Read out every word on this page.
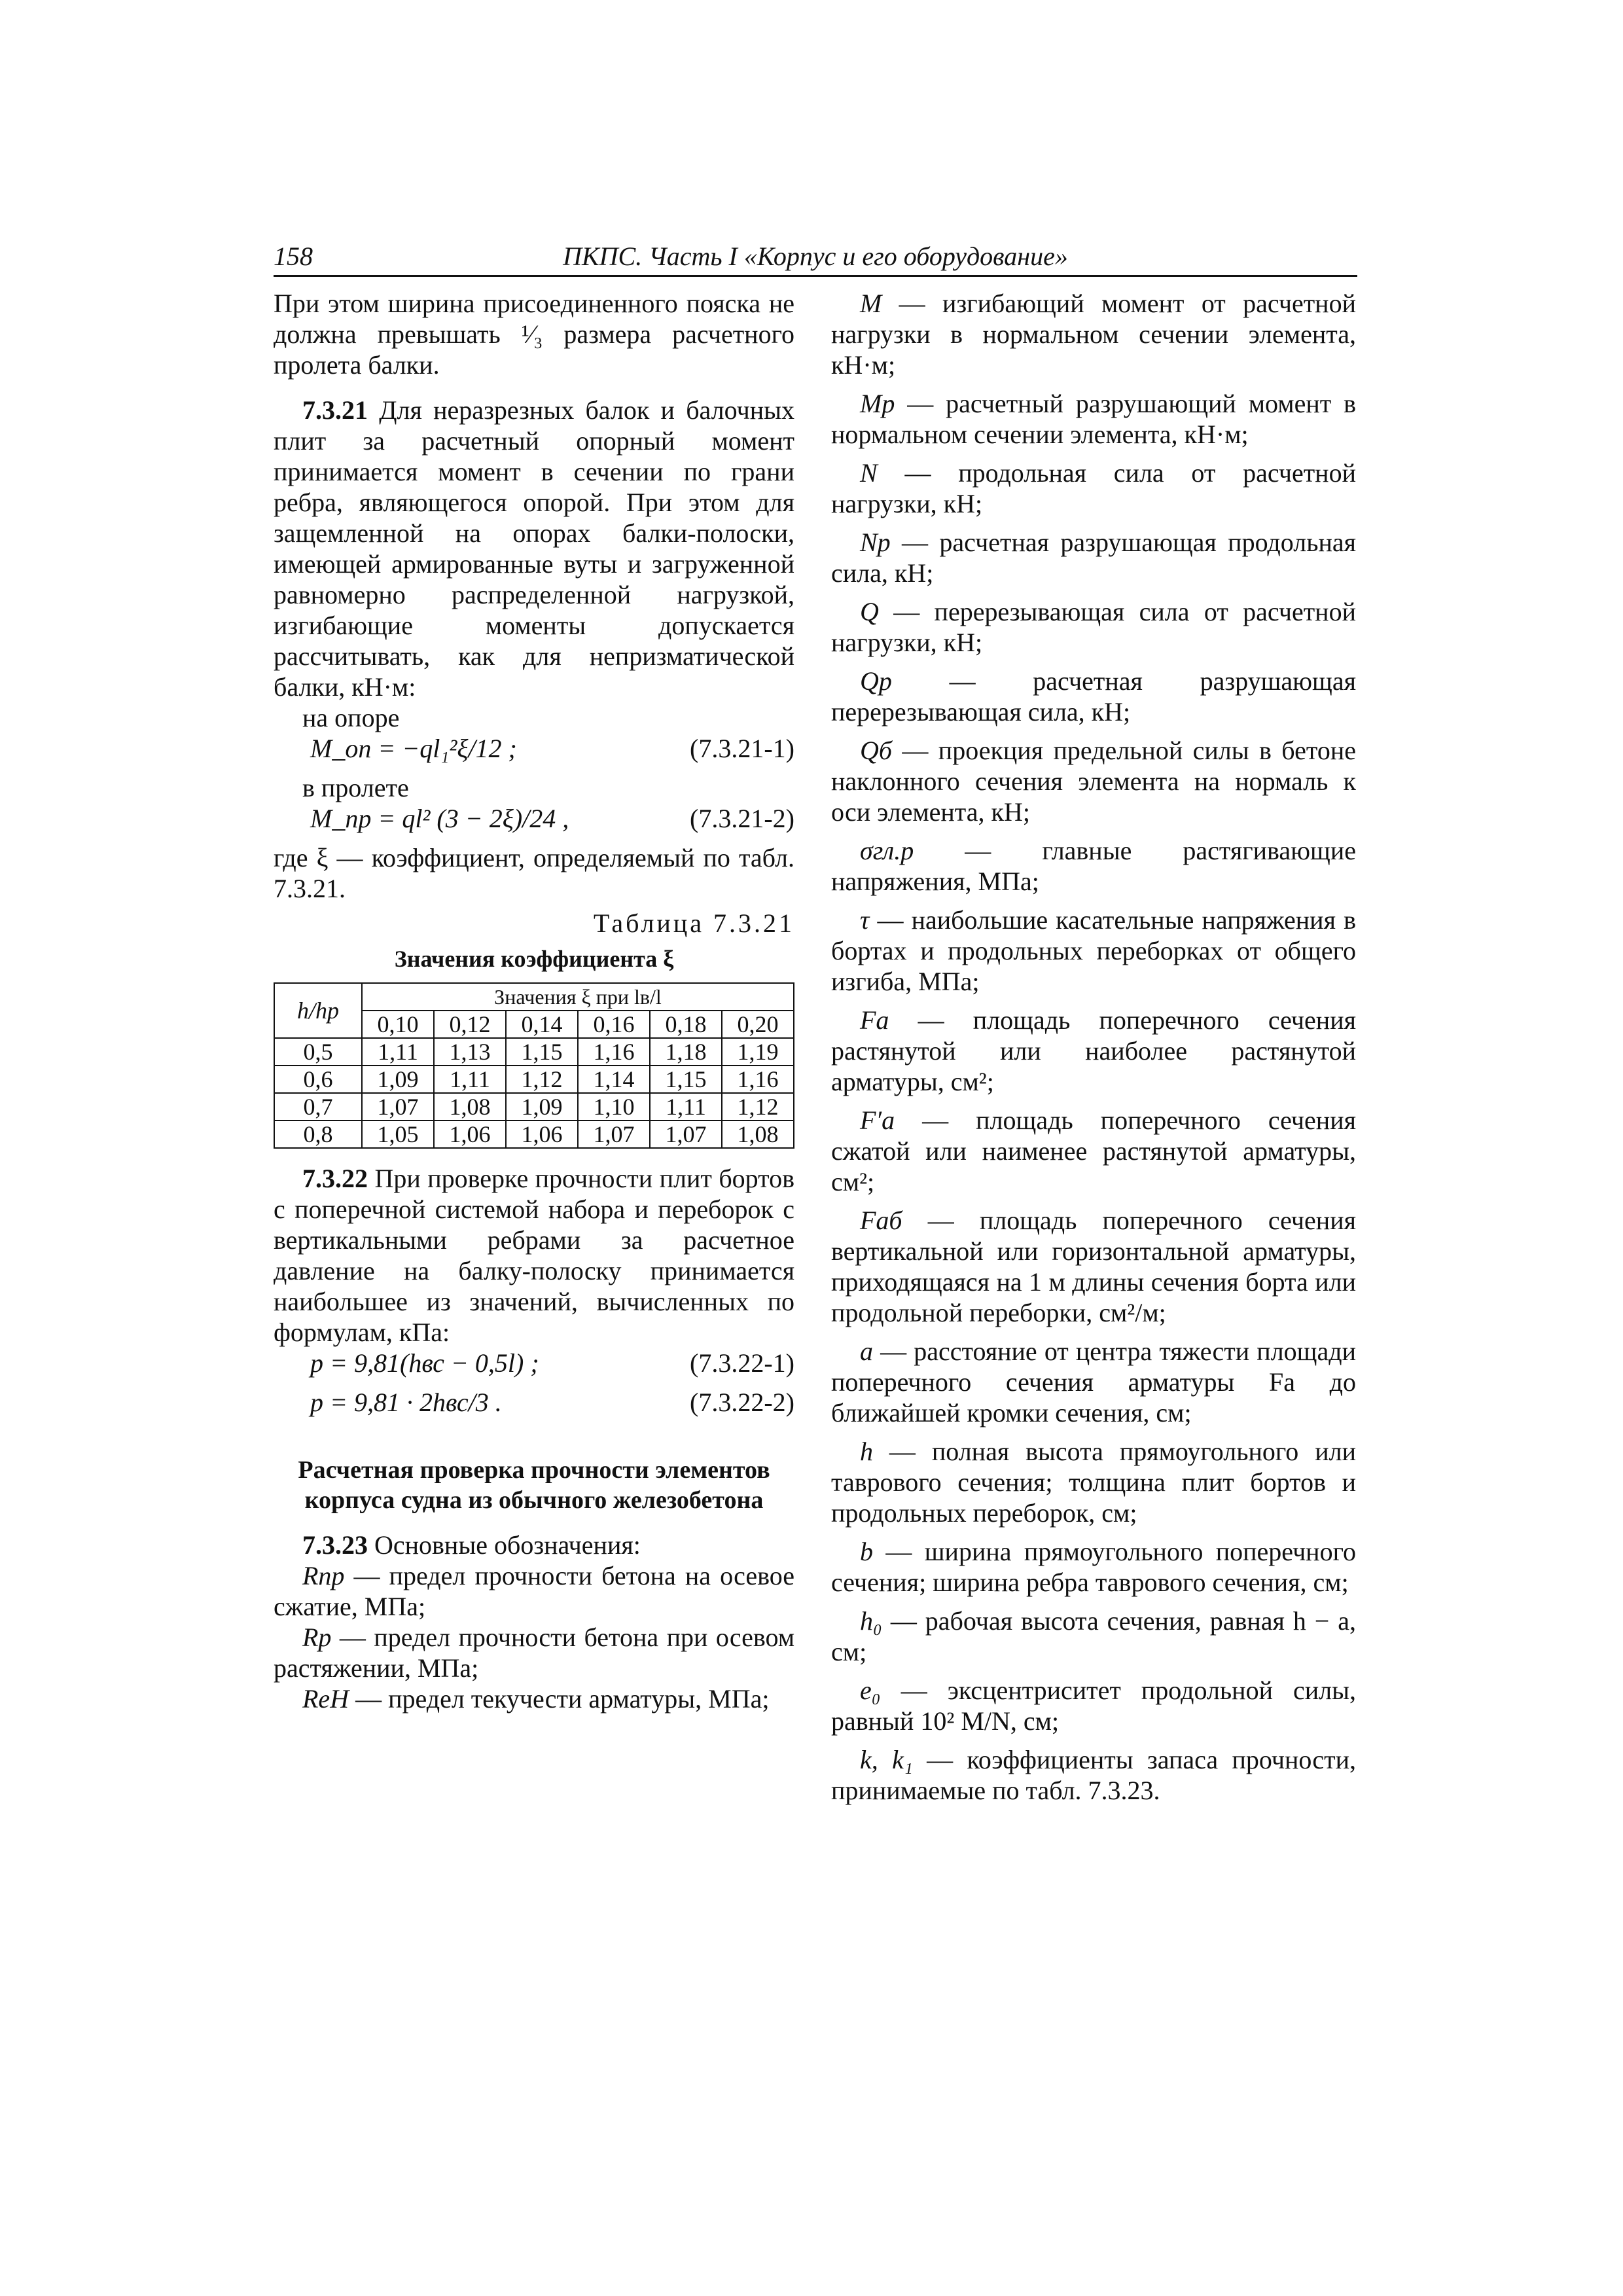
158	ПКПС. Часть I «Корпус и его оборудование»

При этом ширина присоединенного пояска не должна превышать ¹⁄₃ размера расчетного пролета балки.

7.3.21 Для неразрезных балок и балочных плит за расчетный опорный момент принимается момент в сечении по грани ребра, являющегося опорой. При этом для защемленной на опорах балки-полоски, имеющей армированные вуты и загруженной равномерно распределенной нагрузкой, изгибающие моменты допускается рассчитывать, как для непризматической балки, кН·м:

на опоре

M_оп = −ql₁²ξ/12 ;	(7.3.21-1)

в пролете

M_пр = ql² (3 − 2ξ)/24 ,	(7.3.21-2)

где ξ — коэффициент, определяемый по табл. 7.3.21.

Таблица 7.3.21

Значения коэффициента ξ

h/hр	Значения ξ при lв/l					
	0,10	0,12	0,14	0,16	0,18	0,20
0,5	1,11	1,13	1,15	1,16	1,18	1,19
0,6	1,09	1,11	1,12	1,14	1,15	1,16
0,7	1,07	1,08	1,09	1,10	1,11	1,12
0,8	1,05	1,06	1,06	1,07	1,07	1,08

7.3.22 При проверке прочности плит бортов с поперечной системой набора и переборок с вертикальными ребрами за расчетное давление на балку-полоску принимается наибольшее из значений, вычисленных по формулам, кПа:

p = 9,81(hвс − 0,5l) ;	(7.3.22-1)
p = 9,81 · 2hвс/3 .	(7.3.22-2)
Расчетная проверка прочности элементов корпуса судна из обычного железобетона

7.3.23 Основные обозначения:

Rпр — предел прочности бетона на осевое сжатие, МПа;

Rр — предел прочности бетона при осевом растяжении, МПа;

ReH — предел текучести арматуры, МПа;

M — изгибающий момент от расчетной нагрузки в нормальном сечении элемента, кН·м;

Mр — расчетный разрушающий момент в нормальном сечении элемента, кН·м;

N — продольная сила от расчетной нагрузки, кН;

Nр — расчетная разрушающая продольная сила, кН;

Q — перерезывающая сила от расчетной нагрузки, кН;

Qр — расчетная разрушающая перерезывающая сила, кН;

Qб — проекция предельной силы в бетоне наклонного сечения элемента на нормаль к оси элемента, кН;

σгл.р — главные растягивающие напряжения, МПа;

τ — наибольшие касательные напряжения в бортах и продольных переборках от общего изгиба, МПа;

Fа — площадь поперечного сечения растянутой или наиболее растянутой арматуры, см²;

F′а — площадь поперечного сечения сжатой или наименее растянутой арматуры, см²;

Fаб — площадь поперечного сечения вертикальной или горизонтальной арматуры, приходящаяся на 1 м длины сечения борта или продольной переборки, см²/м;

a — расстояние от центра тяжести площади поперечного сечения арматуры Fа до ближайшей кромки сечения, см;

h — полная высота прямоугольного или таврового сечения; толщина плит бортов и продольных переборок, см;

b — ширина прямоугольного поперечного сечения; ширина ребра таврового сечения, см;

h₀ — рабочая высота сечения, равная h − a, см;

e₀ — эксцентриситет продольной силы, равный 10² M/N, см;

k, k₁ — коэффициенты запаса прочности, принимаемые по табл. 7.3.23.
